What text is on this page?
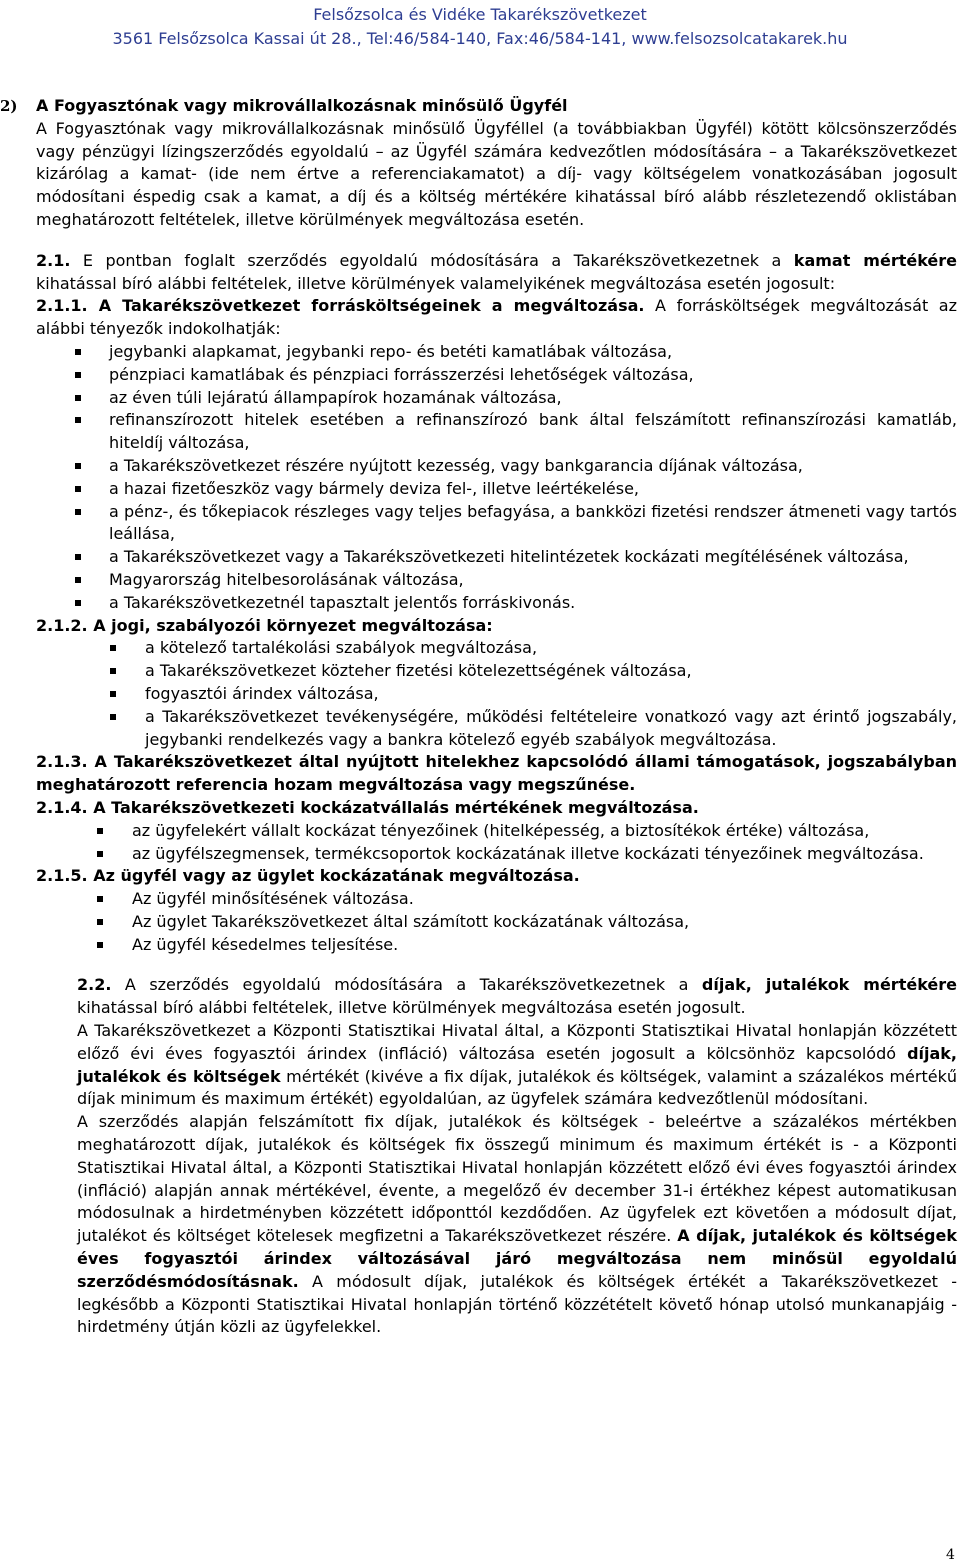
Felsőzsolca és Vidéke Takarékszövetkezet
3561 Felsőzsolca Kassai út 28., Tel:46/584-140, Fax:46/584-141, www.felsozsolcatakarek.hu
2) A Fogyasztónak vagy mikrovállalkozásnak minősülő Ügyfél
A Fogyasztónak vagy mikrovállalkozásnak minősülő Ügyféllel (a továbbiakban Ügyfél) kötött kölcsönszerződés vagy pénzügyi lízingszerződés egyoldalú – az Ügyfél számára kedvezőtlen módosítására – a Takarékszövetkezet kizárólag a kamat- (ide nem értve a referenciakamatot) a díj- vagy költségelem vonatkozásában jogosult módosítani éspedig csak a kamat, a díj és a költség mértékére kihatással bíró alább részletezendő oklistában meghatározott feltételek, illetve körülmények megváltozása esetén.
2.1. E pontban foglalt szerződés egyoldalú módosítására a Takarékszövetkezetnek a kamat mértékére kihatással bíró alábbi feltételek, illetve körülmények valamelyikének megváltozása esetén jogosult:
2.1.1. A Takarékszövetkezet forrásköltségeinek a megváltozása. A forrásköltségek megváltozását az alábbi tényezők indokolhatják:
jegybanki alapkamat, jegybanki repo- és betéti kamatlábak változása,
pénzpiaci kamatlábak és pénzpiaci forrásszerzési lehetőségek változása,
az éven túli lejáratú állampapírok hozamának változása,
refinanszírozott hitelek esetében a refinanszírozó bank által felszámított refinanszírozási kamatláb, hiteldíj változása,
a Takarékszövetkezet részére nyújtott kezesség, vagy bankgarancia díjának változása,
a hazai fizetőeszköz vagy bármely deviza fel-, illetve leértékelése,
a pénz-, és tőkepiacok részleges vagy teljes befagyása, a bankközi fizetési rendszer átmeneti vagy tartós leállása,
a Takarékszövetkezet vagy a Takarékszövetkezeti hitelintézetek kockázati megítélésének változása,
Magyarország hitelbesorolásának változása,
a Takarékszövetkezetnél tapasztalt jelentős forráskivonás.
2.1.2. A jogi, szabályozói környezet megváltozása:
a kötelező tartalékolási szabályok megváltozása,
a Takarékszövetkezet közteher fizetési kötelezettségének változása,
fogyasztói árindex változása,
a Takarékszövetkezet tevékenységére, működési feltételeire vonatkozó vagy azt érintő jogszabály, jegybanki rendelkezés vagy a bankra kötelező egyéb szabályok megváltozása.
2.1.3. A Takarékszövetkezet által nyújtott hitelekhez kapcsolódó állami támogatások, jogszabályban meghatározott referencia hozam megváltozása vagy megszűnése.
2.1.4. A Takarékszövetkezeti kockázatvállalás mértékének megváltozása.
az ügyfelekért vállalt kockázat tényezőinek (hitelképesség, a biztosítékok értéke) változása,
az ügyfélszegmensek, termékcsoportok kockázatának illetve kockázati tényezőinek megváltozása.
2.1.5. Az ügyfél vagy az ügylet kockázatának megváltozása.
Az ügyfél minősítésének változása.
Az ügylet Takarékszövetkezet által számított kockázatának változása,
Az ügyfél késedelmes teljesítése.
2.2. A szerződés egyoldalú módosítására a Takarékszövetkezetnek a díjak, jutalékok mértékére kihatással bíró alábbi feltételek, illetve körülmények megváltozása esetén jogosult.
A Takarékszövetkezet a Központi Statisztikai Hivatal által, a Központi Statisztikai Hivatal honlapján közzétett előző évi éves fogyasztói árindex (infláció) változása esetén jogosult a kölcsönhöz kapcsolódó díjak, jutalékok és költségek mértékét (kivéve a fix díjak, jutalékok és költségek, valamint a százalékos mértékű díjak minimum és maximum értékét) egyoldalúan, az ügyfelek számára kedvezőtlenül módosítani.
A szerződés alapján felszámított fix díjak, jutalékok és költségek - beleértve a százalékos mértékben meghatározott díjak, jutalékok és költségek fix összegű minimum és maximum értékét is - a Központi Statisztikai Hivatal által, a Központi Statisztikai Hivatal honlapján közzétett előző évi éves fogyasztói árindex (infláció) alapján annak mértékével, évente, a megelőző év december 31-i értékhez képest automatikusan módosulnak a hirdetményben közzétett időponttól kezdődően. Az ügyfelek ezt követően a módosult díjat, jutalékot és költséget kötelesek megfizetni a Takarékszövetkezet részére. A díjak, jutalékok és költségek éves fogyasztói árindex változásával járó megváltozása nem minősül egyoldalú szerződésmódosításnak. A módosult díjak, jutalékok és költségek értékét a Takarékszövetkezet - legkésőbb a Központi Statisztikai Hivatal honlapján történő közzétételt követő hónap utolsó munkanapjáig - hirdetmény útján közli az ügyfelekkel.
4
